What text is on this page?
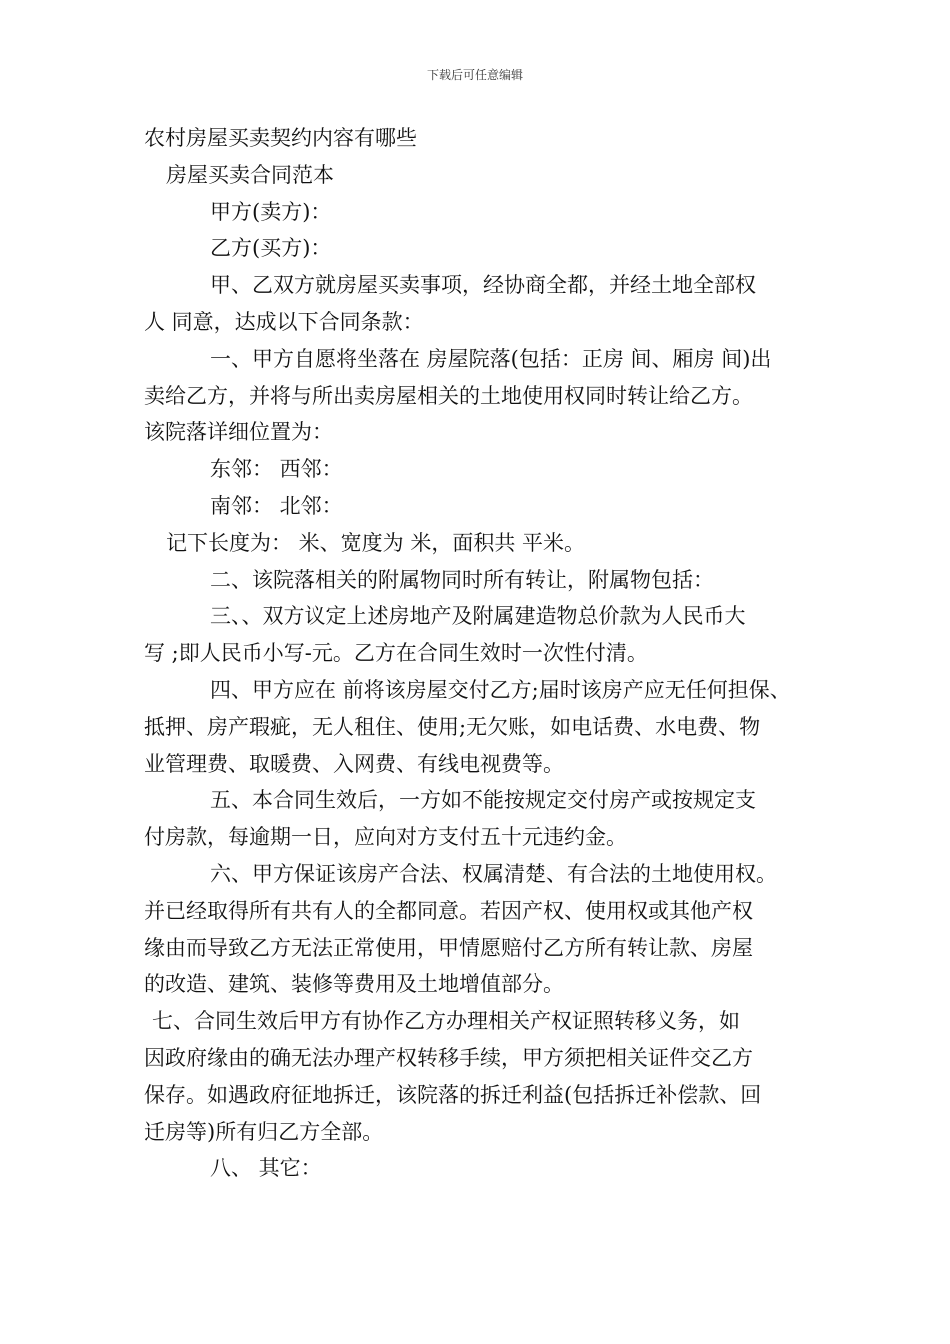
下载后可任意编辑
农村房屋买卖契约内容有哪些
房屋买卖合同范本
甲方(卖方)：
乙方(买方)：
甲、乙双方就房屋买卖事项，经协商全都，并经土地全部权
人 同意，达成以下合同条款：
一、甲方自愿将坐落在 房屋院落(包括：正房 间、厢房 间)出
卖给乙方，并将与所出卖房屋相关的土地使用权同时转让给乙方。
该院落详细位置为：
东邻： 西邻：
南邻： 北邻：
记下长度为： 米、宽度为 米，面积共 平米。
二、该院落相关的附属物同时所有转让，附属物包括：
三、、双方议定上述房地产及附属建造物总价款为人民币大
写 ;即人民币小写-元。乙方在合同生效时一次性付清。
四、甲方应在 前将该房屋交付乙方;届时该房产应无任何担保、
抵押、房产瑕疵，无人租住、使用;无欠账，如电话费、水电费、物
业管理费、取暖费、入网费、有线电视费等。
五、本合同生效后，一方如不能按规定交付房产或按规定支
付房款，每逾期一日，应向对方支付五十元违约金。
六、甲方保证该房产合法、权属清楚、有合法的土地使用权。
并已经取得所有共有人的全都同意。若因产权、使用权或其他产权
缘由而导致乙方无法正常使用，甲情愿赔付乙方所有转让款、房屋
的改造、建筑、装修等费用及土地增值部分。
七、合同生效后甲方有协作乙方办理相关产权证照转移义务，如
因政府缘由的确无法办理产权转移手续，甲方须把相关证件交乙方
保存。如遇政府征地拆迁，该院落的拆迁利益(包括拆迁补偿款、回
迁房等)所有归乙方全部。
八、 其它：
